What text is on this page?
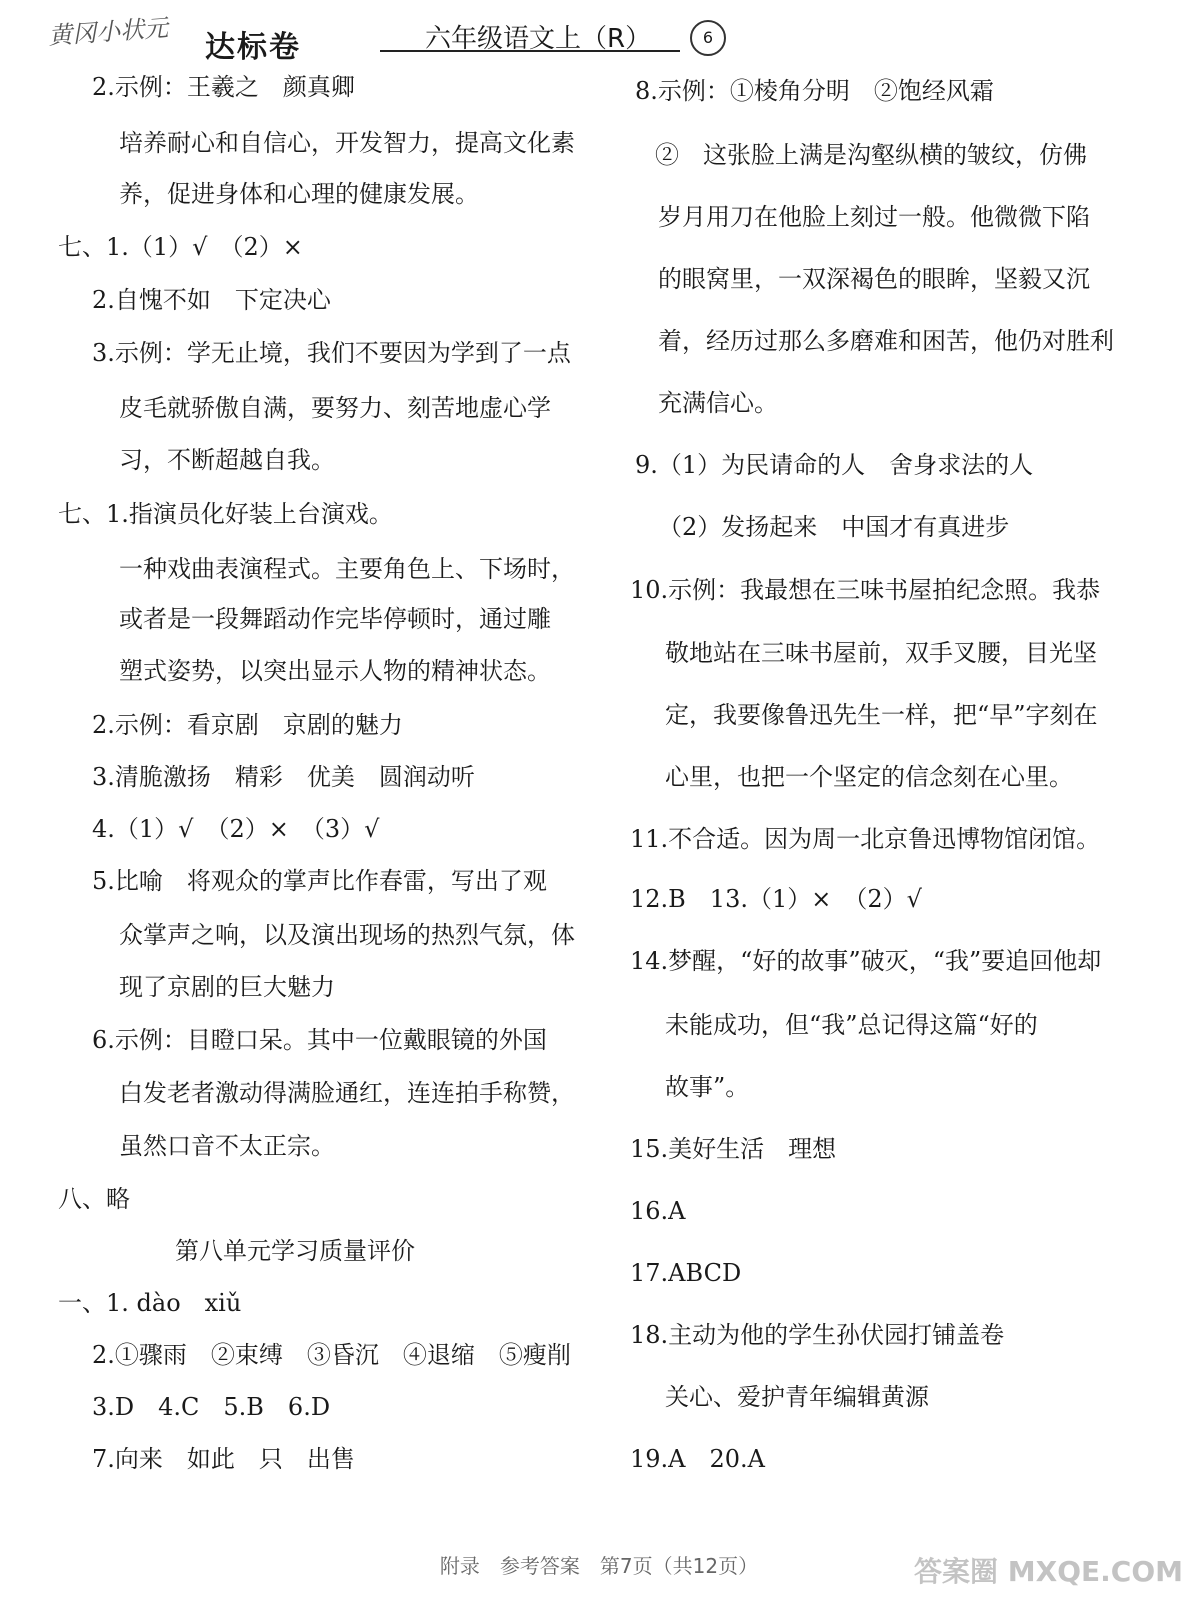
黄冈小状元 达标卷	六年级语文上（R）	6
2.示例：王羲之　颜真卿
培养耐心和自信心，开发智力，提高文化素
养，促进身体和心理的健康发展。
七、1.（1）√　（2）×
2.自愧不如　下定决心
3.示例：学无止境，我们不要因为学到了一点
皮毛就骄傲自满，要努力、刻苦地虚心学
习，不断超越自我。
七、1.指演员化好装上台演戏。
一种戏曲表演程式。主要角色上、下场时，
或者是一段舞蹈动作完毕停顿时，通过雕
塑式姿势，以突出显示人物的精神状态。
2.示例：看京剧　京剧的魅力
3.清脆激扬　精彩　优美　圆润动听
4.（1）√　（2）×　（3）√
5.比喻　将观众的掌声比作春雷，写出了观
众掌声之响，以及演出现场的热烈气氛，体
现了京剧的巨大魅力
6.示例：目瞪口呆。其中一位戴眼镜的外国
白发老者激动得满脸通红，连连拍手称赞，
虽然口音不太正宗。
八、略
第八单元学习质量评价
一、1. dào　xiǔ
2.①骤雨　②束缚　③昏沉　④退缩　⑤瘦削
3.D　4.C　5.B　6.D
7.向来　如此　只　出售
8.示例：①棱角分明　②饱经风霜
②　这张脸上满是沟壑纵横的皱纹，仿佛
岁月用刀在他脸上刻过一般。他微微下陷
的眼窝里，一双深褐色的眼眸，坚毅又沉
着，经历过那么多磨难和困苦，他仍对胜利
充满信心。
9.（1）为民请命的人　舍身求法的人
（2）发扬起来　中国才有真进步
10.示例：我最想在三味书屋拍纪念照。我恭
敬地站在三味书屋前，双手叉腰，目光坚
定，我要像鲁迅先生一样，把“早”字刻在
心里，也把一个坚定的信念刻在心里。
11.不合适。因为周一北京鲁迅博物馆闭馆。
12.B　13.（1）×　（2）√
14.梦醒，“好的故事”破灭，“我”要追回他却
未能成功，但“我”总记得这篇“好的
故事”。
15.美好生活　理想
16.A
17.ABCD
18.主动为他的学生孙伏园打铺盖卷
关心、爱护青年编辑黄源
19.A　20.A
附录　参考答案　第7页（共12页）	答案圈 MXQE.COM
